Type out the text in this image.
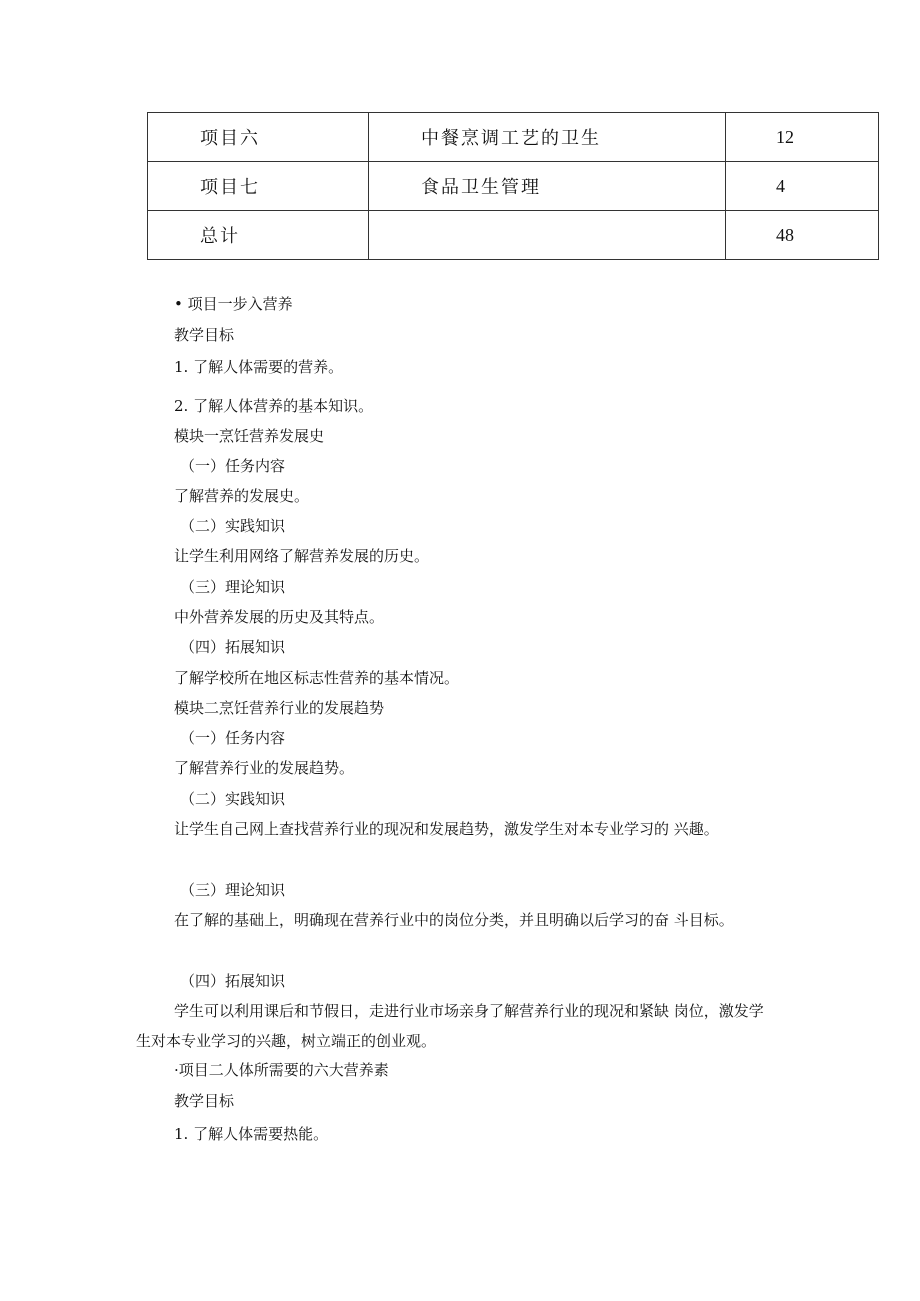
项目六	中餐烹调工艺的卫生	12
项目七	食品卫生管理	4
总计		48
• 项目一步入营养
教学目标
1. 了解人体需要的营养。
2. 了解人体营养的基本知识。
模块一烹饪营养发展史
（一）任务内容
了解营养的发展史。
（二）实践知识
让学生利用网络了解营养发展的历史。
（三）理论知识
中外营养发展的历史及其特点。
（四）拓展知识
了解学校所在地区标志性营养的基本情况。
模块二烹饪营养行业的发展趋势
（一）任务内容
了解营养行业的发展趋势。
（二）实践知识
让学生自己网上查找营养行业的现况和发展趋势，激发学生对本专业学习的 兴趣。
（三）理论知识
在了解的基础上，明确现在营养行业中的岗位分类，并且明确以后学习的奋 斗目标。
（四）拓展知识
学生可以利用课后和节假日，走进行业市场亲身了解营养行业的现况和紧缺 岗位，激发学生对本专业学习的兴趣，树立端正的创业观。
·项目二人体所需要的六大营养素
教学目标
1. 了解人体需要热能。
